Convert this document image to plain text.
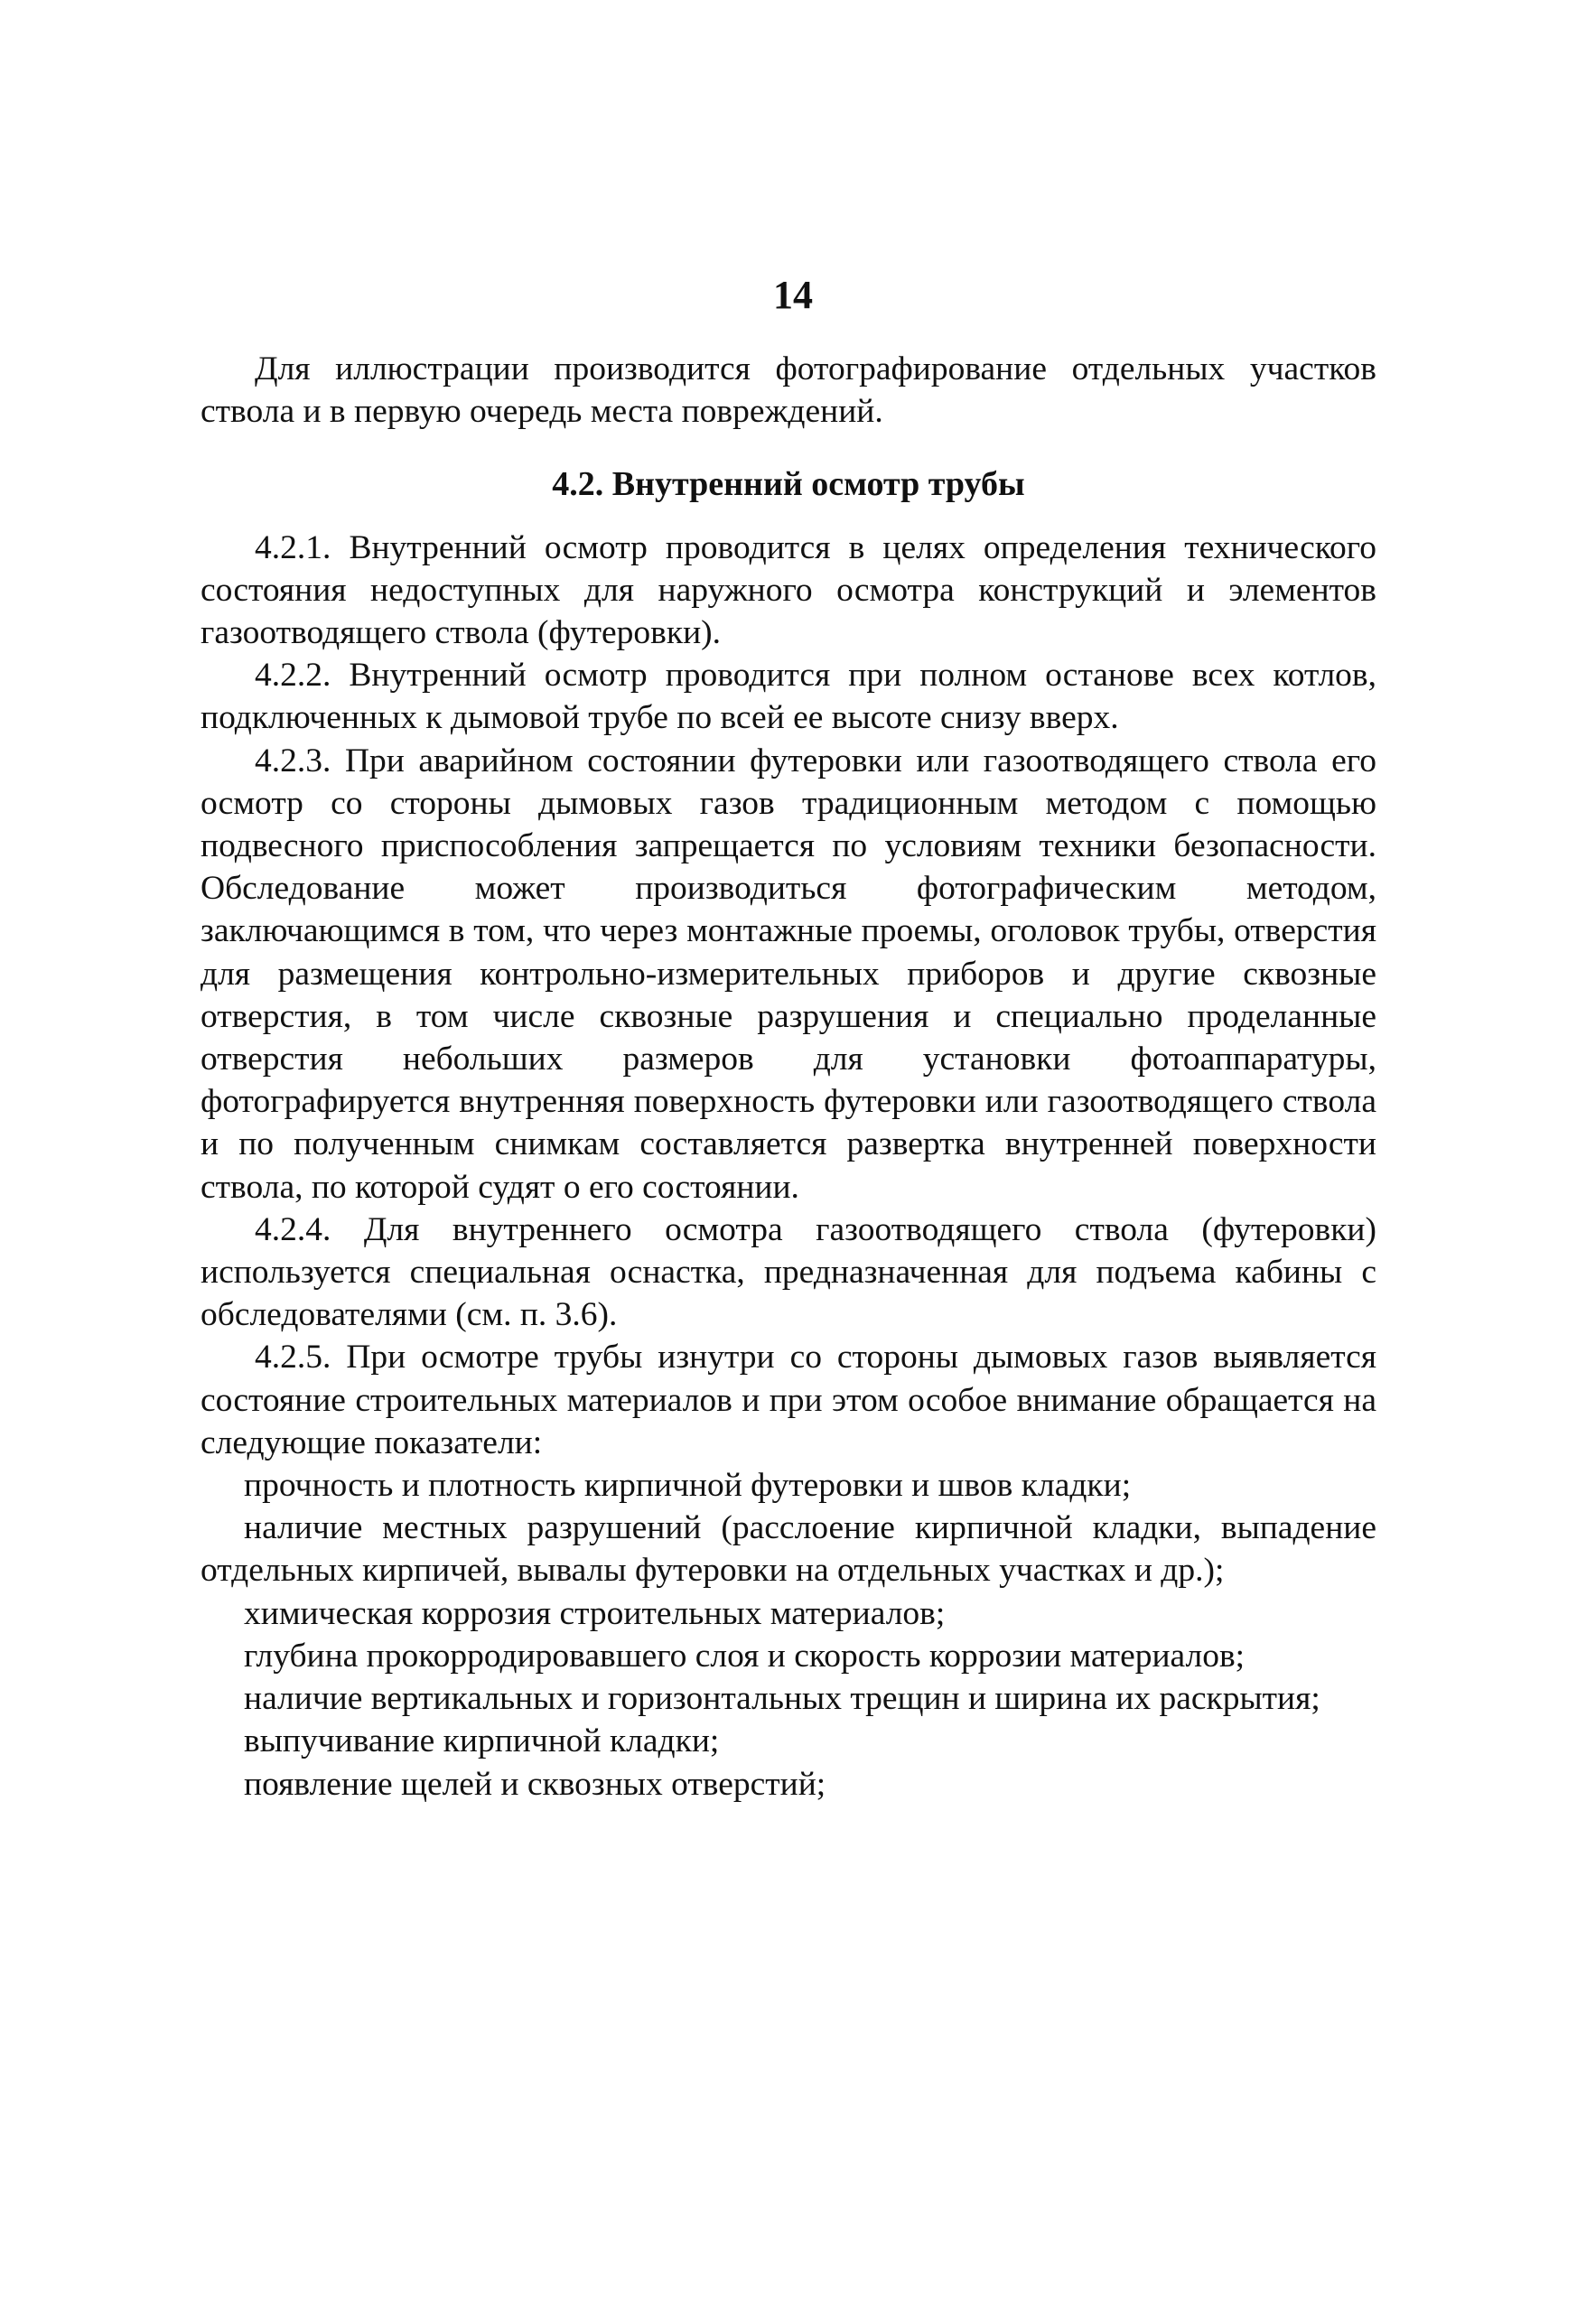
14

Для иллюстрации производится фотографирование отдельных участков ствола и в первую очередь места повреждений.

4.2. Внутренний осмотр трубы

4.2.1. Внутренний осмотр проводится в целях определения технического состояния недоступных для наружного осмотра конструкций и элементов газоотводящего ствола (футеровки).

4.2.2. Внутренний осмотр проводится при полном останове всех котлов, подключенных к дымовой трубе по всей ее высоте снизу вверх.

4.2.3. При аварийном состоянии футеровки или газоотводящего ствола его осмотр со стороны дымовых газов традиционным методом с помощью подвесного приспособления запрещается по условиям техники безопасности. Обследование может производиться фотографическим методом, заключающимся в том, что через монтажные проемы, оголовок трубы, отверстия для размещения контрольно-измерительных приборов и другие сквозные отверстия, в том числе сквозные разрушения и специально проделанные отверстия небольших размеров для установки фотоаппаратуры, фотографируется внутренняя поверхность футеровки или газоотводящего ствола и по полученным снимкам составляется развертка внутренней поверхности ствола, по которой судят о его состоянии.

4.2.4. Для внутреннего осмотра газоотводящего ствола (футеровки) используется специальная оснастка, предназначенная для подъема кабины с обследователями (см. п. 3.6).

4.2.5. При осмотре трубы изнутри со стороны дымовых газов выявляется состояние строительных материалов и при этом особое внимание обращается на следующие показатели:

прочность и плотность кирпичной футеровки и швов кладки;

наличие местных разрушений (расслоение кирпичной кладки, выпадение отдельных кирпичей, вывалы футеровки на отдельных участках и др.);

химическая коррозия строительных материалов;

глубина прокорродировавшего слоя и скорость коррозии материалов;

наличие вертикальных и горизонтальных трещин и ширина их раскрытия;

выпучивание кирпичной кладки;

появление щелей и сквозных отверстий;
